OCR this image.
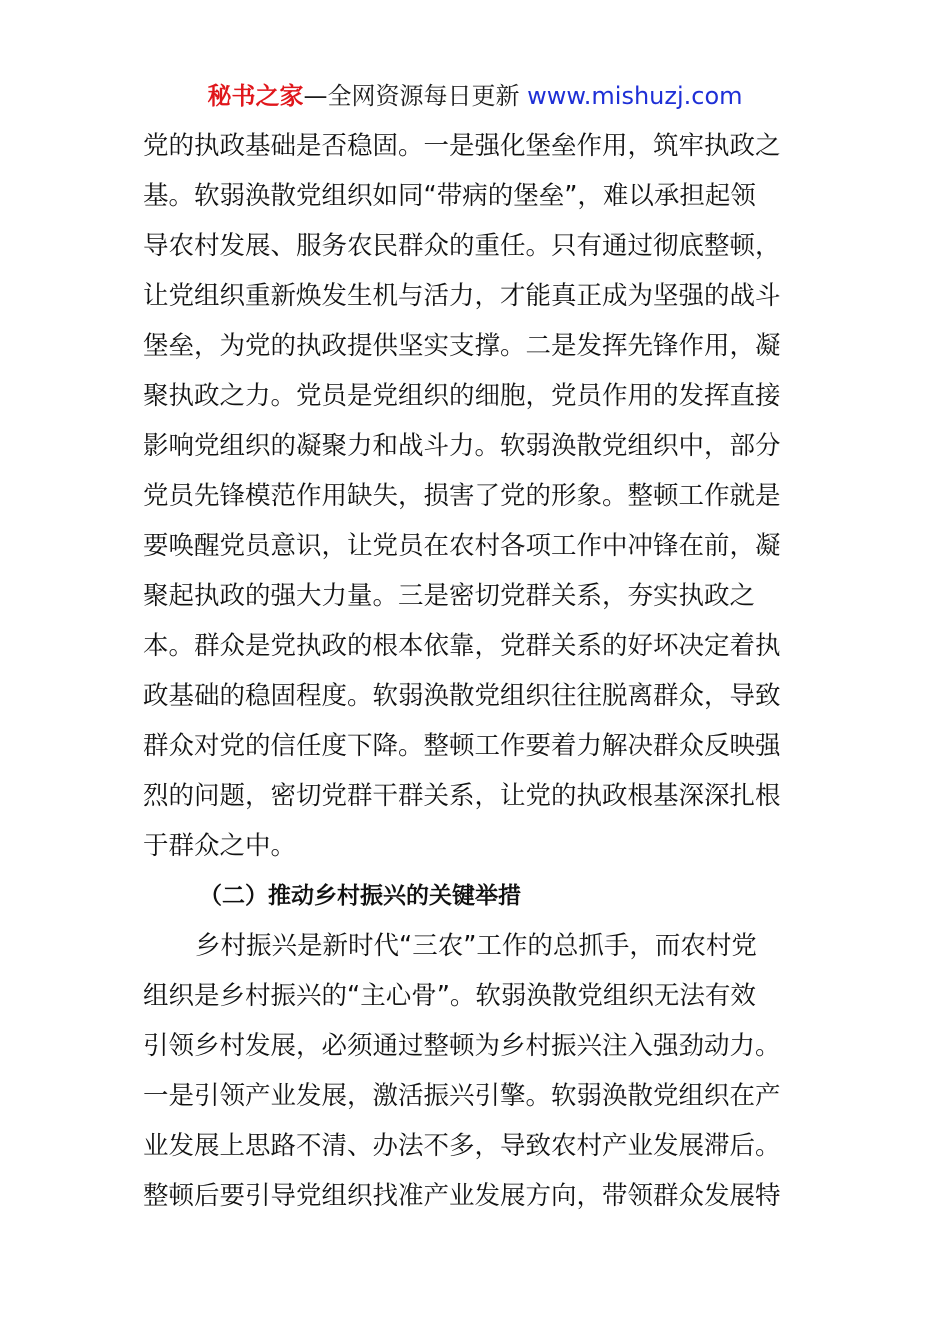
秘书之家—全网资源每日更新 www.mishuzj.com
党的执政基础是否稳固。一是强化堡垒作用，筑牢执政之
基。软弱涣散党组织如同“带病的堡垒”，难以承担起领
导农村发展、服务农民群众的重任。只有通过彻底整顿，
让党组织重新焕发生机与活力，才能真正成为坚强的战斗
堡垒，为党的执政提供坚实支撑。二是发挥先锋作用，凝
聚执政之力。党员是党组织的细胞，党员作用的发挥直接
影响党组织的凝聚力和战斗力。软弱涣散党组织中，部分
党员先锋模范作用缺失，损害了党的形象。整顿工作就是
要唤醒党员意识，让党员在农村各项工作中冲锋在前，凝
聚起执政的强大力量。三是密切党群关系，夯实执政之
本。群众是党执政的根本依靠，党群关系的好坏决定着执
政基础的稳固程度。软弱涣散党组织往往脱离群众，导致
群众对党的信任度下降。整顿工作要着力解决群众反映强
烈的问题，密切党群干群关系，让党的执政根基深深扎根
于群众之中。
（二）推动乡村振兴的关键举措
乡村振兴是新时代“三农”工作的总抓手，而农村党
组织是乡村振兴的“主心骨”。软弱涣散党组织无法有效
引领乡村发展，必须通过整顿为乡村振兴注入强劲动力。
一是引领产业发展，激活振兴引擎。软弱涣散党组织在产
业发展上思路不清、办法不多，导致农村产业发展滞后。
整顿后要引导党组织找准产业发展方向，带领群众发展特
